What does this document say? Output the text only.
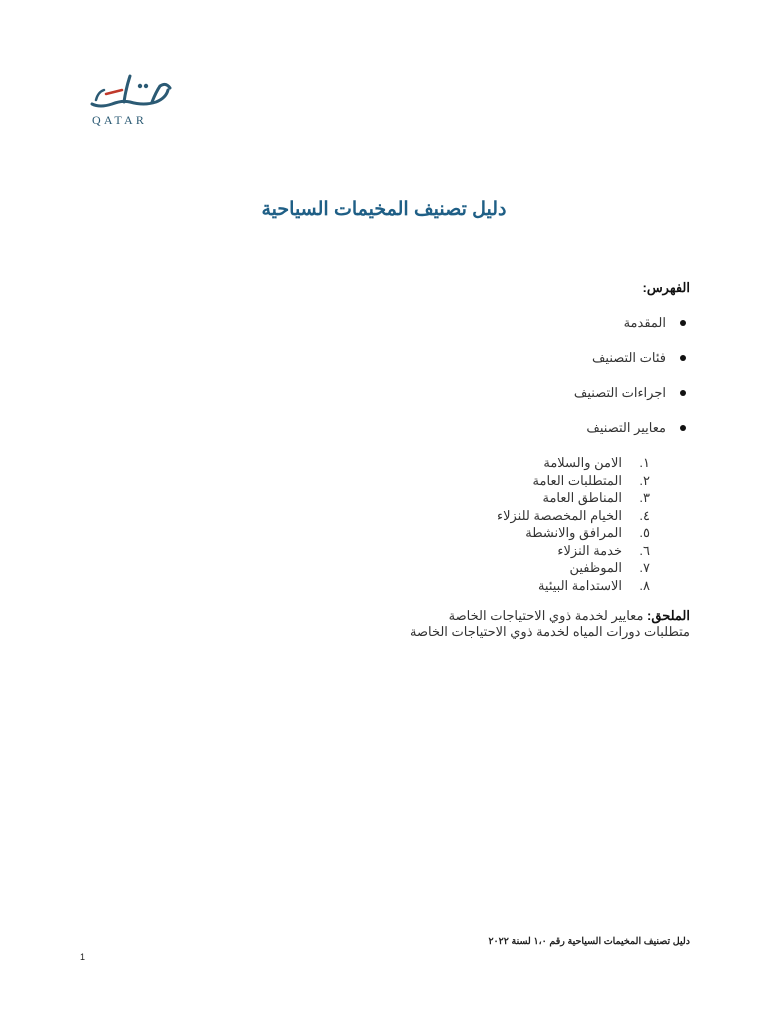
QATAR
دليل تصنيف المخيمات السياحية
الفهرس:
المقدمة
فئات التصنيف
اجراءات التصنيف
معايير التصنيف
١.
الامن والسلامة
٢.
المتطلبات العامة
٣.
المناطق العامة
٤.
الخيام المخصصة للنزلاء
٥.
المرافق والانشطة
٦.
خدمة النزلاء
٧.
الموظفين
٨.
الاستدامة البيئية
الملحق: معايير لخدمة ذوي الاحتياجات الخاصة
متطلبات دورات المياه لخدمة ذوي الاحتياجات الخاصة
دليل تصنيف المخيمات السياحية رقم ١،٠ لسنة ٢٠٢٢
1
